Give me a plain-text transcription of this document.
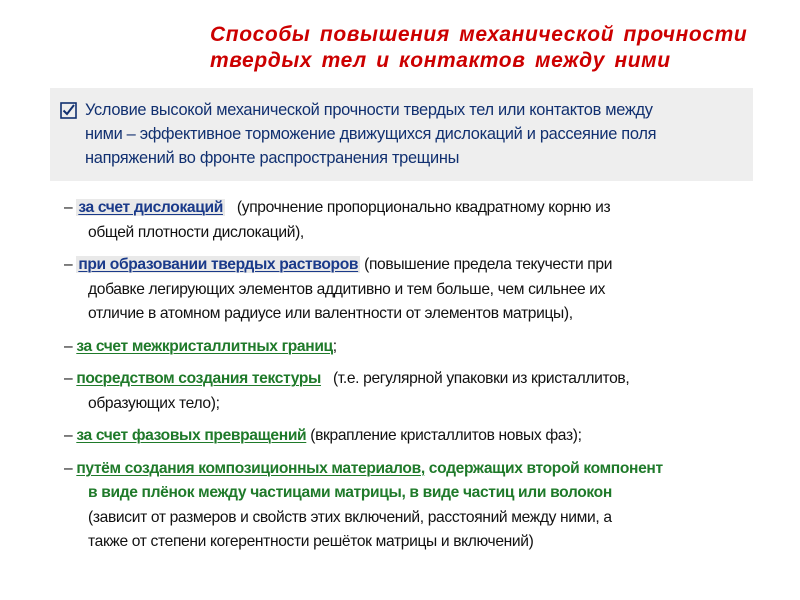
Способы повышения механической прочности
твердых тел и контактов между ними
Условие высокой механической прочности твердых тел или контактов между
ними – эффективное торможение движущихся дислокаций и рассеяние поля
напряжений во фронте распространения трещины
– за счет дислокаций (упрочнение пропорционально квадратному корню из
общей плотности дислокаций),
– при образовании твердых растворов (повышение предела текучести при
добавке легирующих элементов аддитивно и тем больше, чем сильнее их
отличие в атомном радиусе или валентности от элементов матрицы),
– за счет межкристаллитных границ;
– посредством создания текстуры (т.е. регулярной упаковки из кристаллитов,
образующих тело);
– за счет фазовых превращений (вкрапление кристаллитов новых фаз);
– путём создания композиционных материалов, содержащих второй компонент
в виде плёнок между частицами матрицы, в виде частиц или волокон
(зависит от размеров и свойств этих включений, расстояний между ними, а
также от степени когерентности решёток матрицы и включений)
